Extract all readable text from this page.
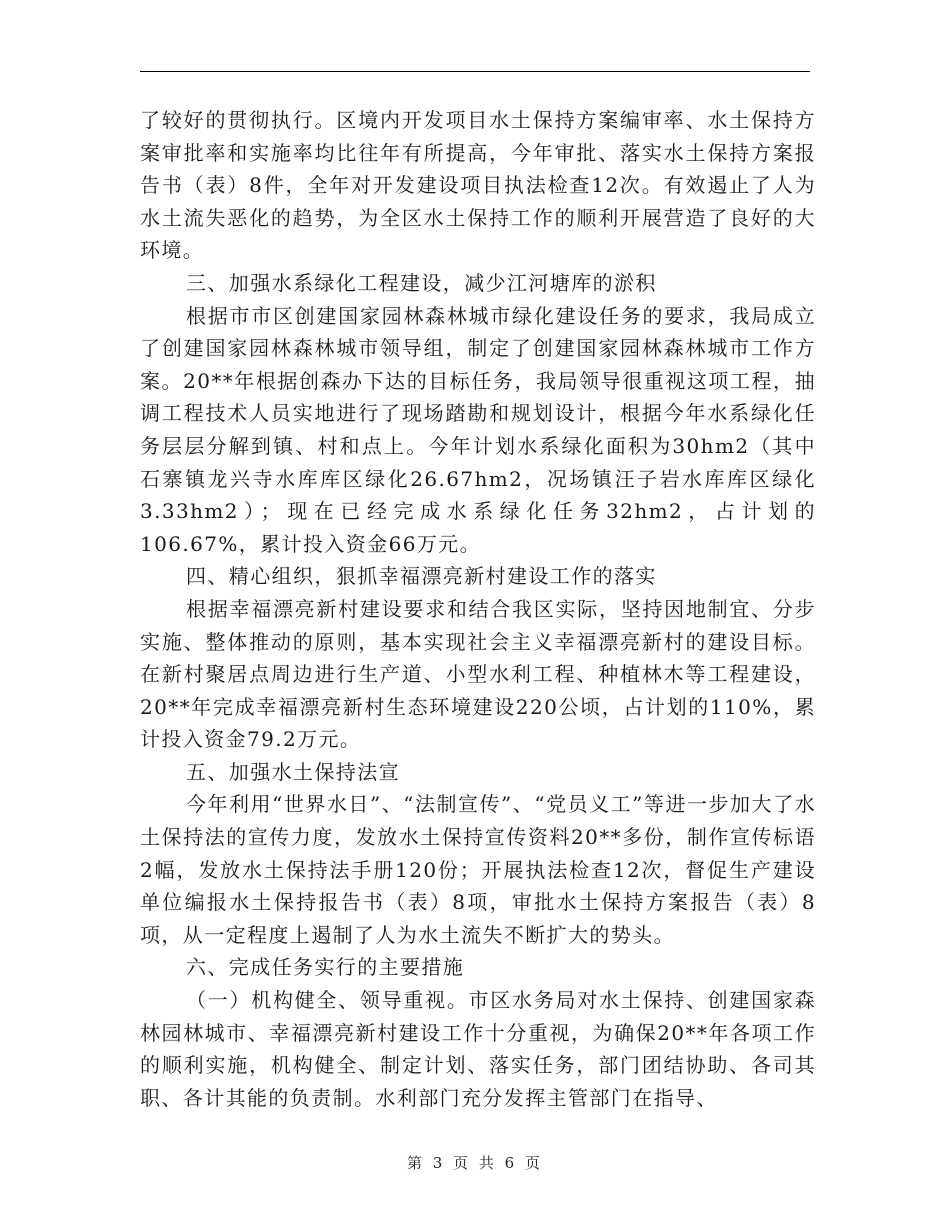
了较好的贯彻执行。区境内开发项目水土保持方案编审率、水土保持方案审批率和实施率均比往年有所提高，今年审批、落实水土保持方案报告书（表）8件，全年对开发建设项目执法检查12次。有效遏止了人为水土流失恶化的趋势，为全区水土保持工作的顺利开展营造了良好的大环境。

三、加强水系绿化工程建设，减少江河塘库的淤积

根据市市区创建国家园林森林城市绿化建设任务的要求，我局成立了创建国家园林森林城市领导组，制定了创建国家园林森林城市工作方案。20**年根据创森办下达的目标任务，我局领导很重视这项工程，抽调工程技术人员实地进行了现场踏勘和规划设计，根据今年水系绿化任务层层分解到镇、村和点上。今年计划水系绿化面积为30hm2（其中石寨镇龙兴寺水库库区绿化26.67hm2，况场镇汪子岩水库库区绿化3.33hm2）；现在已经完成水系绿化任务32hm2，占计划的106.67%，累计投入资金66万元。

四、精心组织，狠抓幸福漂亮新村建设工作的落实

根据幸福漂亮新村建设要求和结合我区实际，坚持因地制宜、分步实施、整体推动的原则，基本实现社会主义幸福漂亮新村的建设目标。在新村聚居点周边进行生产道、小型水利工程、种植林木等工程建设，20**年完成幸福漂亮新村生态环境建设220公顷，占计划的110%，累计投入资金79.2万元。

五、加强水土保持法宣

今年利用“世界水日”、“法制宣传”、“党员义工”等进一步加大了水土保持法的宣传力度，发放水土保持宣传资料20**多份，制作宣传标语2幅，发放水土保持法手册120份；开展执法检查12次，督促生产建设单位编报水土保持报告书（表）8项，审批水土保持方案报告（表）8项，从一定程度上遏制了人为水土流失不断扩大的势头。

六、完成任务实行的主要措施

（一）机构健全、领导重视。市区水务局对水土保持、创建国家森林园林城市、幸福漂亮新村建设工作十分重视，为确保20**年各项工作的顺利实施，机构健全、制定计划、落实任务，部门团结协助、各司其职、各计其能的负责制。水利部门充分发挥主管部门在指导、

第 3 页 共 6 页
